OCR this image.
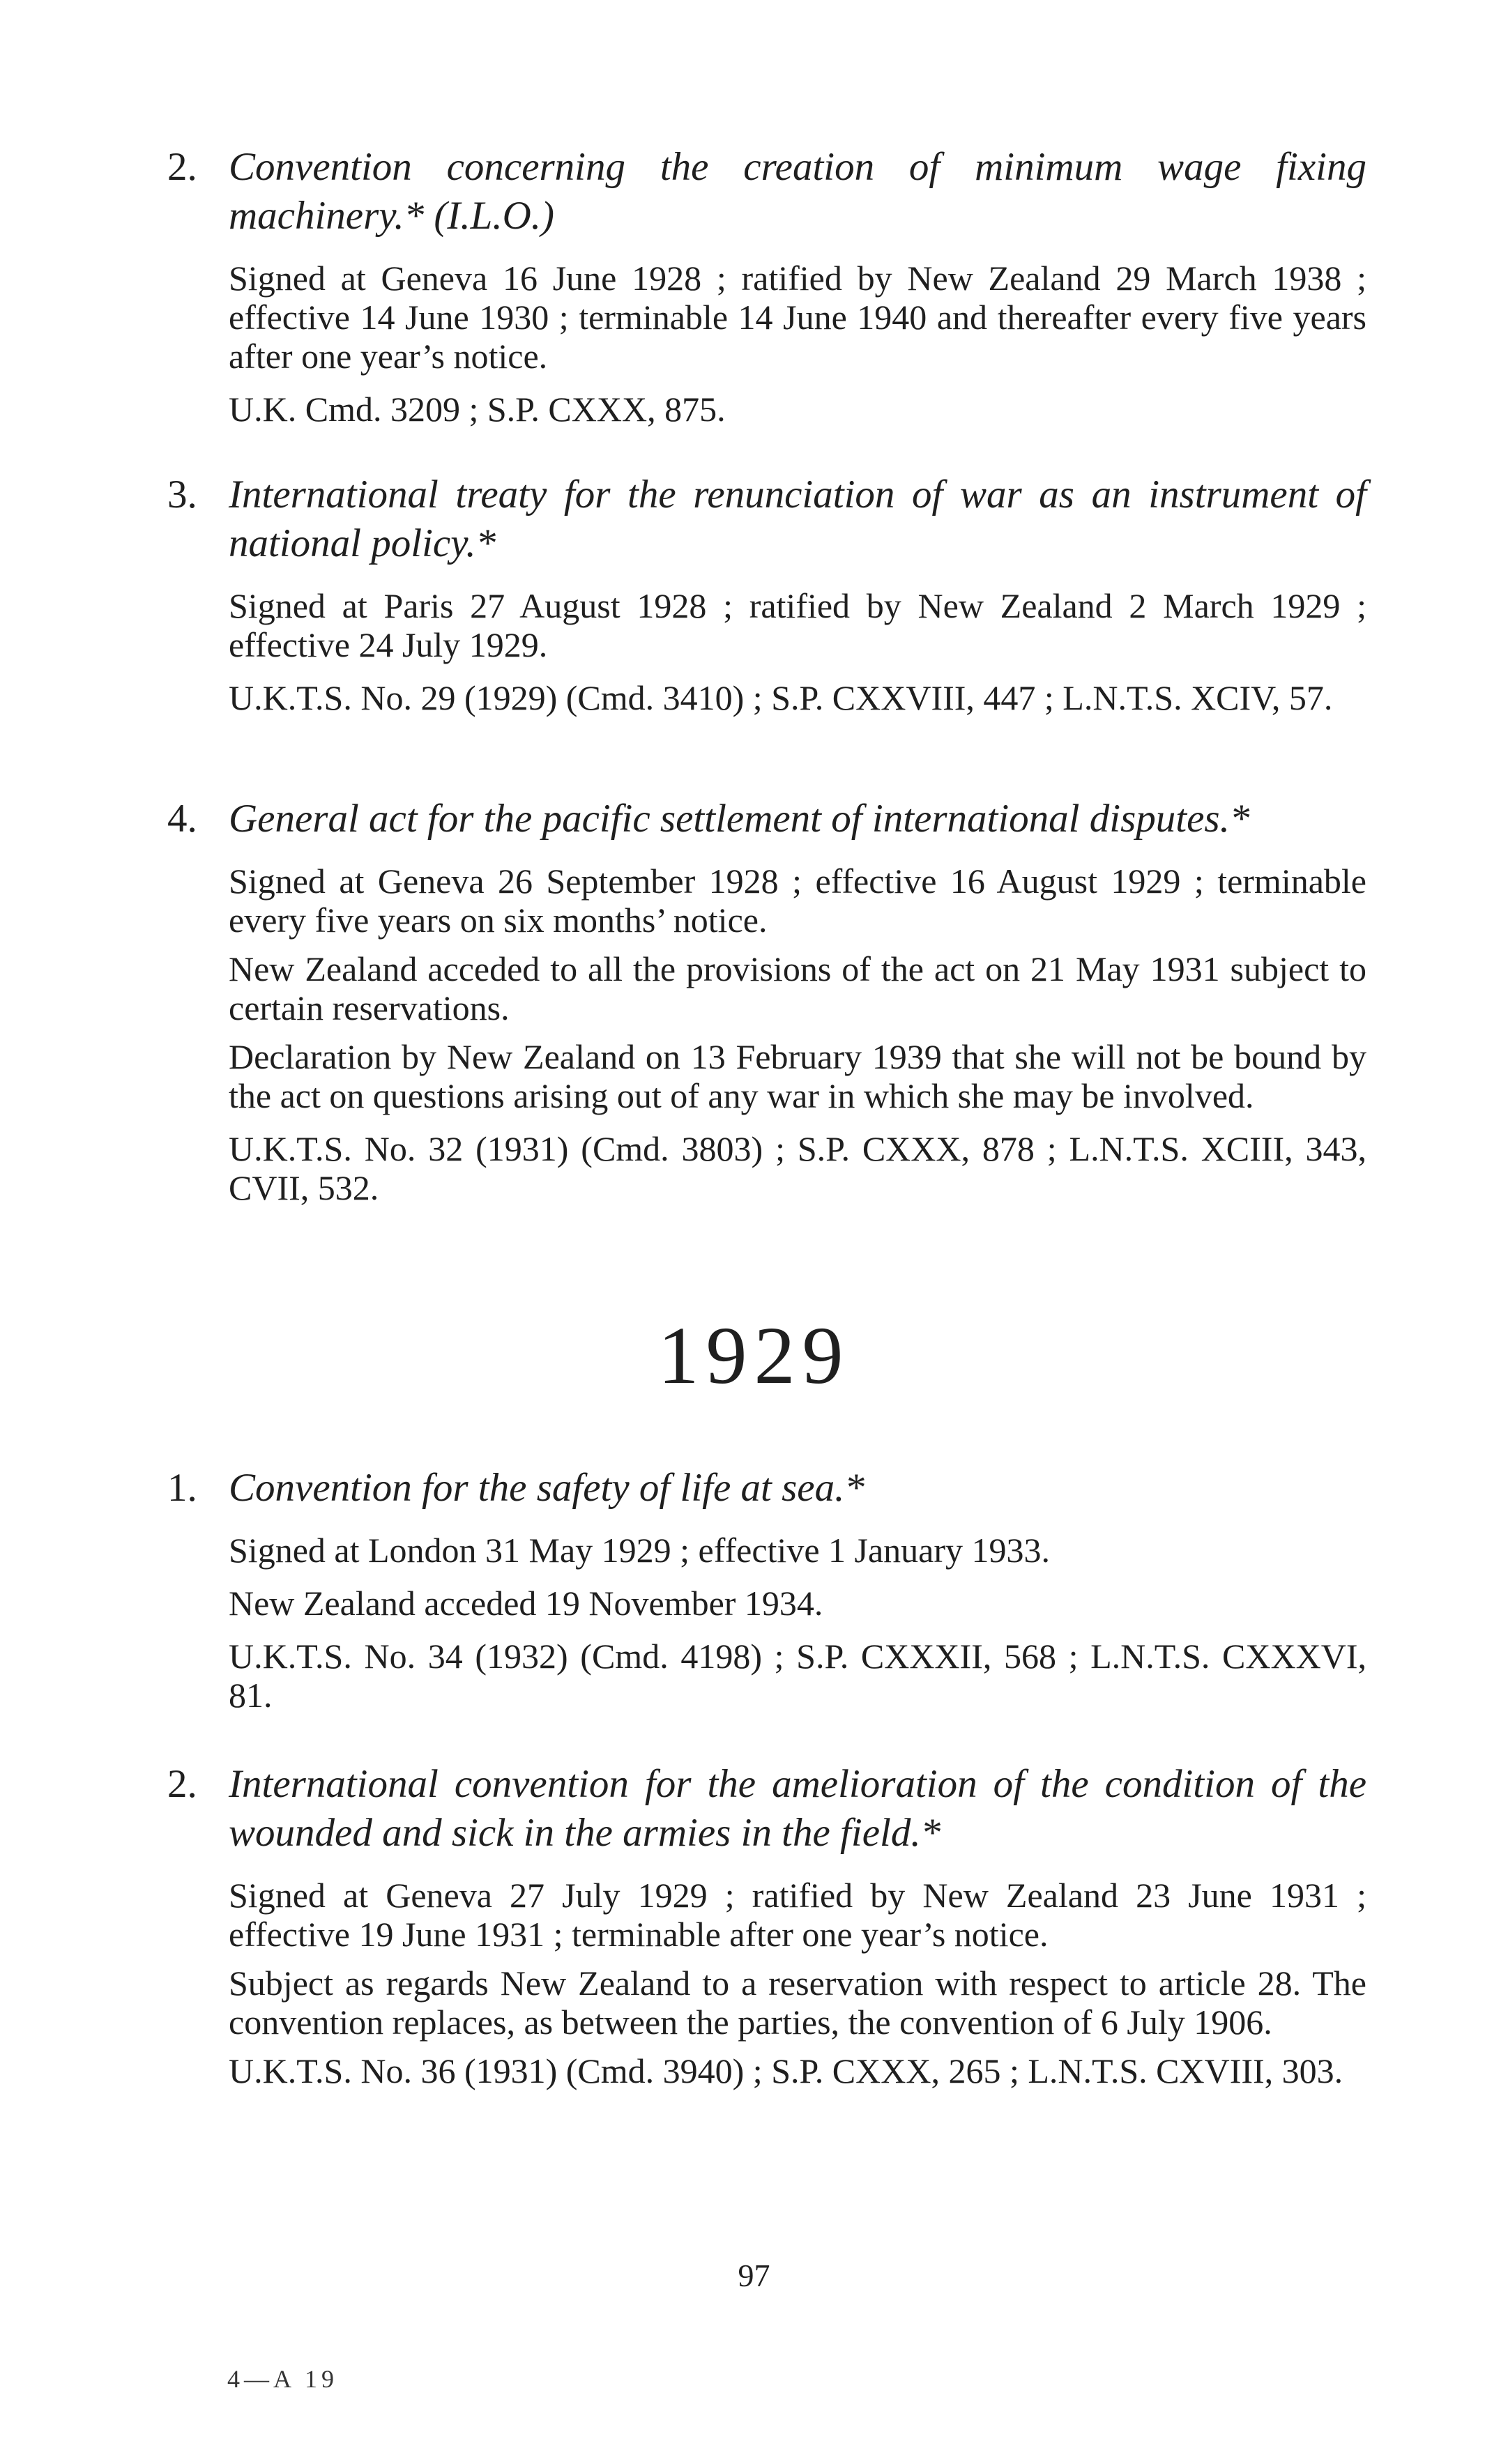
2. Convention concerning the creation of minimum wage fixing machinery.* (I.L.O.)

Signed at Geneva 16 June 1928 ; ratified by New Zealand 29 March 1938 ; effective 14 June 1930 ; terminable 14 June 1940 and thereafter every five years after one year’s notice.

U.K. Cmd. 3209 ; S.P. CXXX, 875.

3. International treaty for the renunciation of war as an instrument of national policy.*

Signed at Paris 27 August 1928 ; ratified by New Zealand 2 March 1929 ; effective 24 July 1929.

U.K.T.S. No. 29 (1929) (Cmd. 3410) ; S.P. CXXVIII, 447 ; L.N.T.S. XCIV, 57.

4. General act for the pacific settlement of international disputes.*

Signed at Geneva 26 September 1928 ; effective 16 August 1929 ; terminable every five years on six months’ notice.

New Zealand acceded to all the provisions of the act on 21 May 1931 subject to certain reservations.

Declaration by New Zealand on 13 February 1939 that she will not be bound by the act on questions arising out of any war in which she may be involved.

U.K.T.S. No. 32 (1931) (Cmd. 3803) ; S.P. CXXX, 878 ; L.N.T.S. XCIII, 343, CVII, 532.

1929
1. Convention for the safety of life at sea.*

Signed at London 31 May 1929 ; effective 1 January 1933.

New Zealand acceded 19 November 1934.

U.K.T.S. No. 34 (1932) (Cmd. 4198) ; S.P. CXXXII, 568 ; L.N.T.S. CXXXVI, 81.

2. International convention for the amelioration of the condition of the wounded and sick in the armies in the field.*

Signed at Geneva 27 July 1929 ; ratified by New Zealand 23 June 1931 ; effective 19 June 1931 ; terminable after one year’s notice.

Subject as regards New Zealand to a reservation with respect to article 28. The convention replaces, as between the parties, the convention of 6 July 1906.

U.K.T.S. No. 36 (1931) (Cmd. 3940) ; S.P. CXXX, 265 ; L.N.T.S. CXVIII, 303.

97
4—A 19
